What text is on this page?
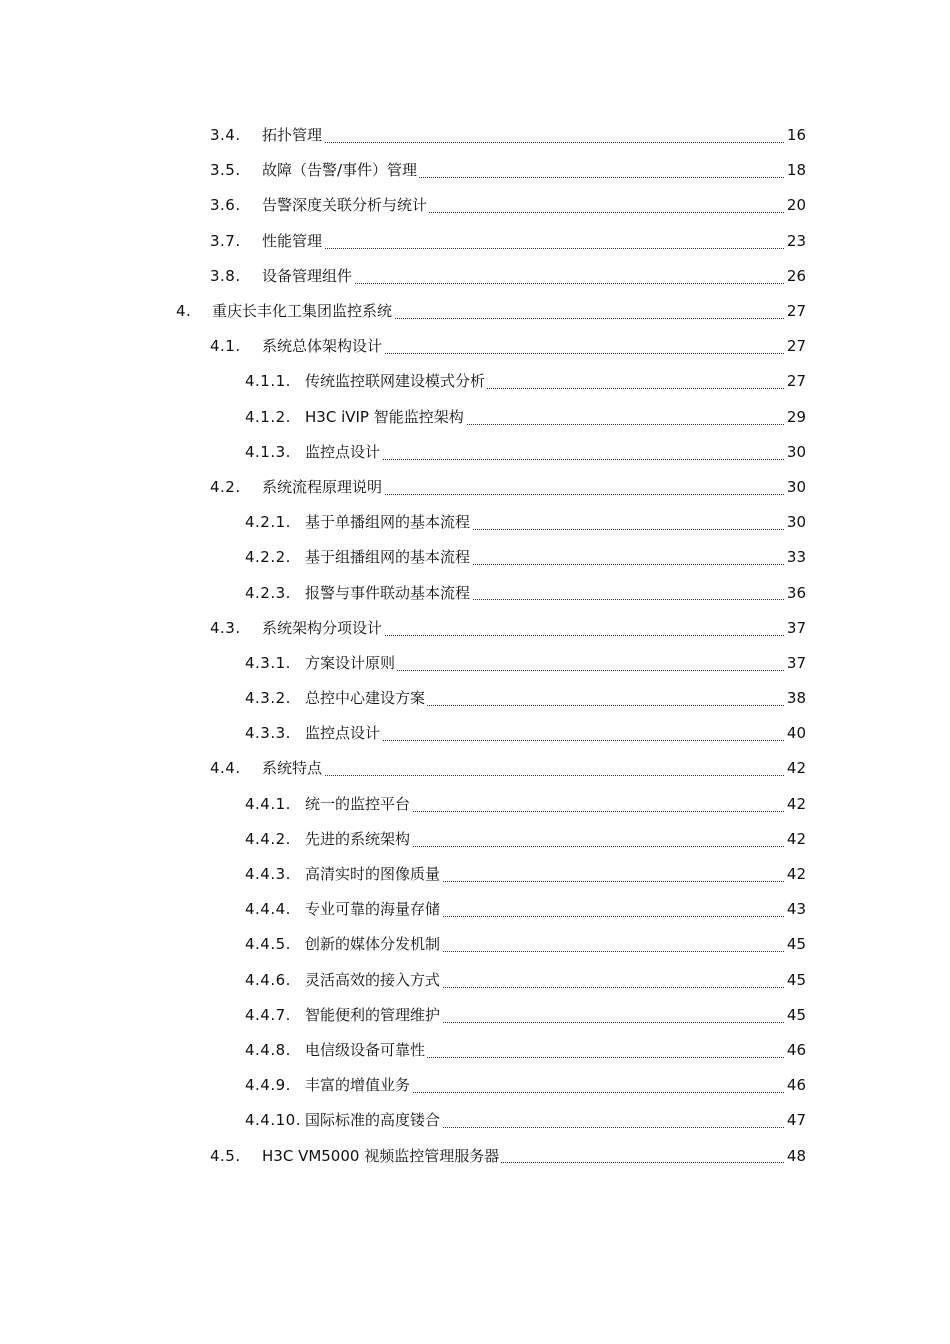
3.4. 拓扑管理	16
3.5. 故障（告警/事件）管理	18
3.6. 告警深度关联分析与统计	20
3.7. 性能管理	23
3.8. 设备管理组件	26
4. 重庆长丰化工集团监控系统	27
4.1. 系统总体架构设计	27
4.1.1. 传统监控联网建设模式分析	27
4.1.2. H3C iVIP 智能监控架构	29
4.1.3. 监控点设计	30
4.2. 系统流程原理说明	30
4.2.1. 基于单播组网的基本流程	30
4.2.2. 基于组播组网的基本流程	33
4.2.3. 报警与事件联动基本流程	36
4.3. 系统架构分项设计	37
4.3.1. 方案设计原则	37
4.3.2. 总控中心建设方案	38
4.3.3. 监控点设计	40
4.4. 系统特点	42
4.4.1. 统一的监控平台	42
4.4.2. 先进的系统架构	42
4.4.3. 高清实时的图像质量	42
4.4.4. 专业可靠的海量存储	43
4.4.5. 创新的媒体分发机制	45
4.4.6. 灵活高效的接入方式	45
4.4.7. 智能便利的管理维护	45
4.4.8. 电信级设备可靠性	46
4.4.9. 丰富的增值业务	46
4.4.10. 国际标准的高度镂合	47
4.5. H3C VM5000 视频监控管理服务器	48
